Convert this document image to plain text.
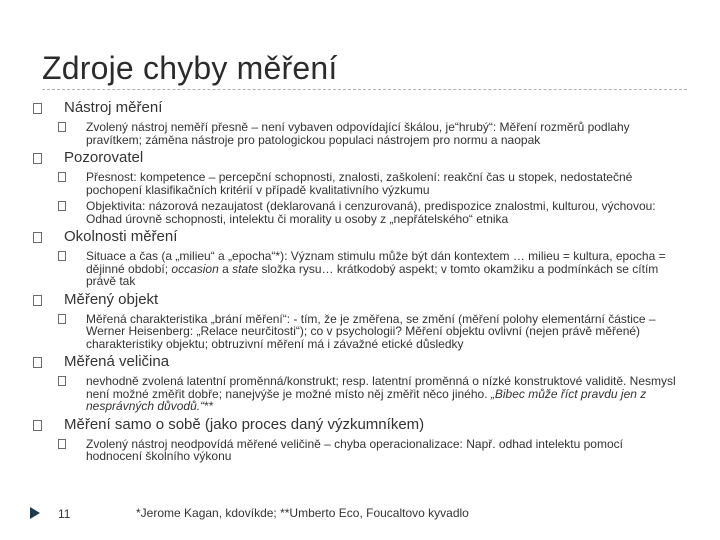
Zdroje chyby měření
Nástroj měření
Zvolený nástroj neměří přesně – není vybaven odpovídající škálou, je“hrubý“: Měření rozměrů podlahy pravítkem; záměna nástroje pro patologickou populaci nástrojem pro normu a naopak
Pozorovatel
Přesnost: kompetence – percepční schopnosti, znalosti, zaškolení: reakční čas u stopek, nedostatečné pochopení klasifikačních kritérií v případě kvalitativního výzkumu
Objektivita: názorová nezaujatost (deklarovaná i cenzurovaná), predispozice znalostmi, kulturou, výchovou: Odhad úrovně schopnosti, intelektu či morality u osoby z „nepřátelského“ etnika
Okolnosti měření
Situace a čas (a „milieu“ a „epocha“*): Význam stimulu může být dán kontextem … milieu = kultura, epocha = dějinné období; occasion a state složka rysu… krátkodobý aspekt; v tomto okamžiku a podmínkách se cítím právě tak
Měřený objekt
Měřená charakteristika „brání měření“: - tím, že je změřena, se změní (měření polohy elementární částice – Werner Heisenberg: „Relace neurčitosti“); co v psychologii? Měření objektu ovlivní (nejen právě měřené) charakteristiky objektu; obtruzivní měření má i závažné etické důsledky
Měřená veličina
nevhodně zvolená latentní proměnná/konstrukt; resp. latentní proměnná o nízké konstruktové validitě. Nesmysl není možné změřit dobře; nanejvýše je možné místo něj změřit něco jiného. „Bibec může říct pravdu jen z nesprávných důvodů.“**
Měření samo o sobě (jako proces daný výzkumníkem)
Zvolený nástroj neodpovídá měřené veličině – chyba operacionalizace: Např. odhad intelektu pomocí hodnocení školního výkonu
11	*Jerome Kagan, kdovíkde; **Umberto Eco, Foucaltovo kyvadlo
